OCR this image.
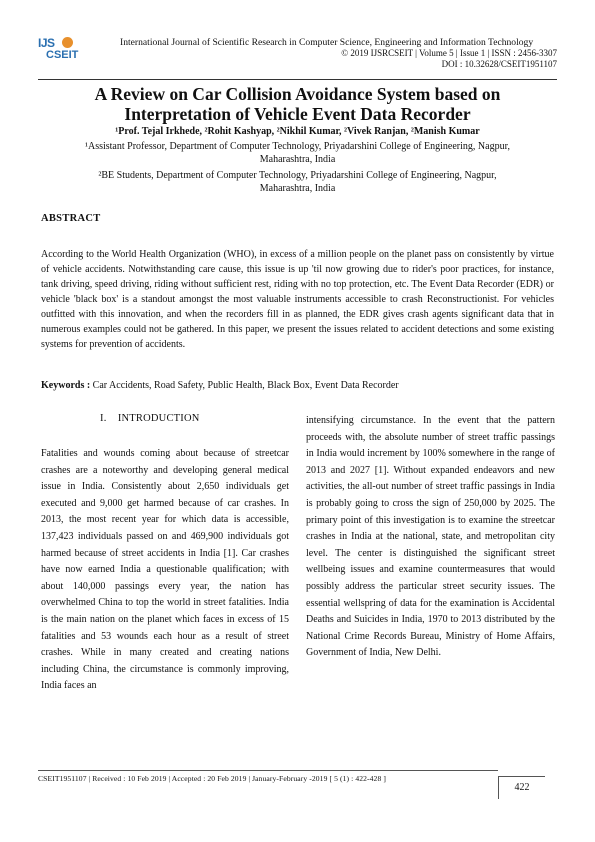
IJS
CSEIT
International Journal of Scientific Research in Computer Science, Engineering and Information Technology
© 2019 IJSRCSEIT | Volume 5 | Issue 1 | ISSN : 2456-3307
DOI : 10.32628/CSEIT1951107
A Review on Car Collision Avoidance System based on
Interpretation of Vehicle Event Data Recorder
¹Prof. Tejal Irkhede, ²Rohit Kashyap, ²Nikhil Kumar, ²Vivek Ranjan, ²Manish Kumar
¹Assistant Professor, Department of Computer Technology, Priyadarshini College of Engineering, Nagpur,
Maharashtra, India
²BE Students, Department of Computer Technology, Priyadarshini College of Engineering, Nagpur,
Maharashtra, India
ABSTRACT
According to the World Health Organization (WHO), in excess of a million people on the planet pass on consistently by virtue of vehicle accidents. Notwithstanding care cause, this issue is up 'til now growing due to rider's poor practices, for instance, tank driving, speed driving, riding without sufficient rest, riding with no top protection, etc. The Event Data Recorder (EDR) or vehicle 'black box' is a standout amongst the most valuable instruments accessible to crash Reconstructionist. For vehicles outfitted with this innovation, and when the recorders fill in as planned, the EDR gives crash agents significant data that in numerous examples could not be gathered. In this paper, we present the issues related to accident detections and some existing systems for prevention of accidents.
Keywords : Car Accidents, Road Safety, Public Health, Black Box, Event Data Recorder
I.    INTRODUCTION
Fatalities and wounds coming about because of streetcar crashes are a noteworthy and developing general medical issue in India. Consistently about 2,650 individuals get executed and 9,000 get harmed because of car crashes. In 2013, the most recent year for which data is accessible, 137,423 individuals passed on and 469,900 individuals got harmed because of street accidents in India [1]. Car crashes have now earned India a questionable qualification; with about 140,000 passings every year, the nation has overwhelmed China to top the world in street fatalities. India is the main nation on the planet which faces in excess of 15 fatalities and 53 wounds each hour as a result of street crashes. While in many created and creating nations including China, the circumstance is commonly improving, India faces an
intensifying circumstance. In the event that the pattern proceeds with, the absolute number of street traffic passings in India would increment by 100% somewhere in the range of 2013 and 2027 [1]. Without expanded endeavors and new activities, the all-out number of street traffic passings in India is probably going to cross the sign of 250,000 by 2025. The primary point of this investigation is to examine the streetcar crashes in India at the national, state, and metropolitan city level. The center is distinguished the significant street wellbeing issues and examine countermeasures that would possibly address the particular street security issues. The essential wellspring of data for the examination is Accidental Deaths and Suicides in India, 1970 to 2013 distributed by the National Crime Records Bureau, Ministry of Home Affairs, Government of India, New Delhi.
CSEIT1951107 | Received : 10 Feb 2019 | Accepted : 20 Feb 2019 | January-February -2019 [ 5 (1) : 422-428 ]
422
